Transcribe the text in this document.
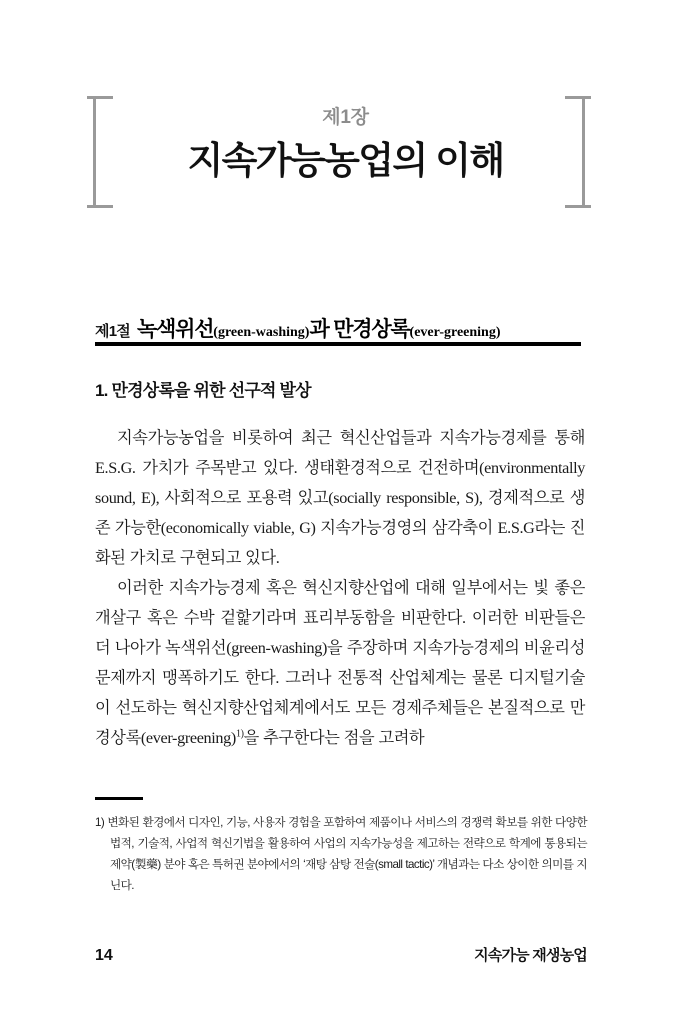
제1장
지속가능농업의 이해
제1절 녹색위선(green-washing)과 만경상록(ever-greening)
1. 만경상록을 위한 선구적 발상

지속가능농업을 비롯하여 최근 혁신산업들과 지속가능경제를 통해 E.S.G. 가치가 주목받고 있다. 생태환경적으로 건전하며(environmentally sound, E), 사회적으로 포용력 있고(socially responsible, S), 경제적으로 생존 가능한(economically viable, G) 지속가능경영의 삼각축이 E.S.G라는 진화된 가치로 구현되고 있다.

이러한 지속가능경제 혹은 혁신지향산업에 대해 일부에서는 빛 좋은 개살구 혹은 수박 겉핥기라며 표리부동함을 비판한다. 이러한 비판들은 더 나아가 녹색위선(green-washing)을 주장하며 지속가능경제의 비윤리성 문제까지 맹폭하기도 한다. 그러나 전통적 산업체계는 물론 디지털기술이 선도하는 혁신지향산업체계에서도 모든 경제주체들은 본질적으로 만경상록(ever-greening)$^{1)}$을 추구한다는 점을 고려하

1) 변화된 환경에서 디자인, 기능, 사용자 경험을 포함하여 제품이나 서비스의 경쟁력 확보를 위한 다양한 법적, 기술적, 사업적 혁신기법을 활용하여 사업의 지속가능성을 제고하는 전략으로 학계에 통용되는 제약(製藥) 분야 혹은 특허권 분야에서의 ‘재탕 삼탕 전술(small tactic)’ 개념과는 다소 상이한 의미를 지닌다.
14	지속가능 재생농업
